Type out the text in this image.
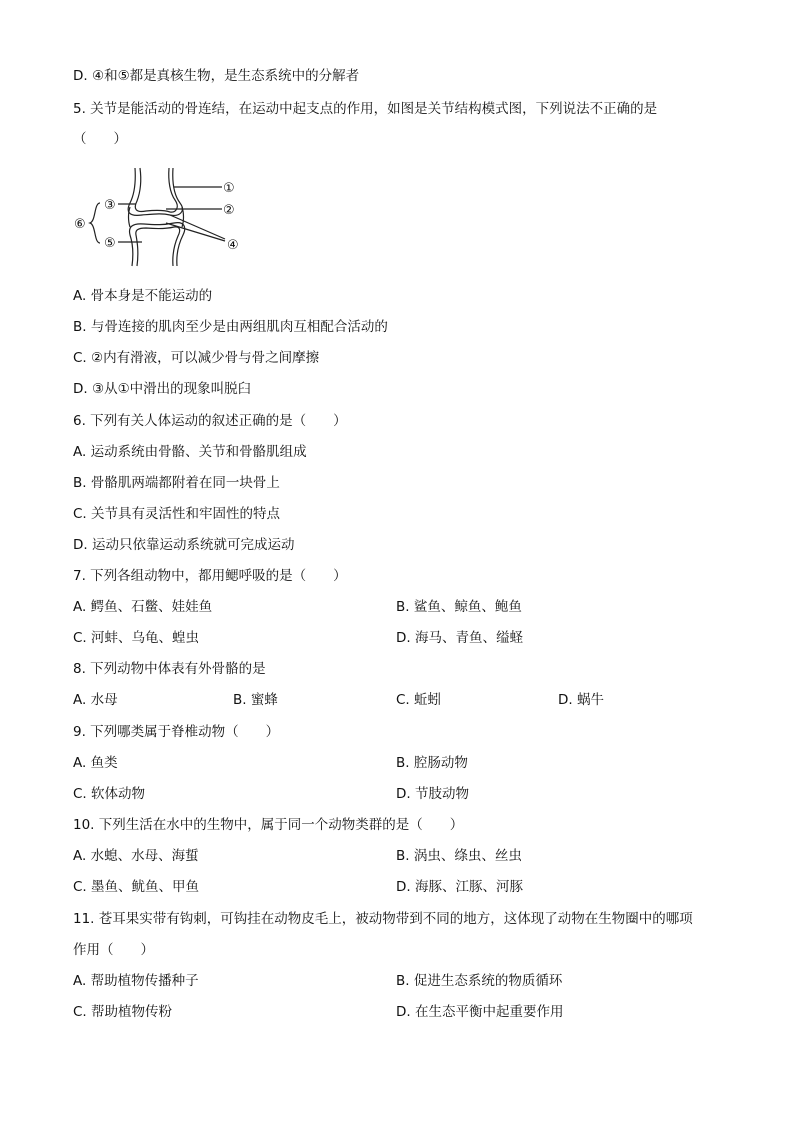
D. ④和⑤都是真核生物，是生态系统中的分解者
5. 关节是能活动的骨连结，在运动中起支点的作用，如图是关节结构模式图，下列说法不正确的是
（　　）
①
②
③
④
⑤
⑥
A. 骨本身是不能运动的
B. 与骨连接的肌肉至少是由两组肌肉互相配合活动的
C. ②内有滑液，可以减少骨与骨之间摩擦
D. ③从①中滑出的现象叫脱臼
6. 下列有关人体运动的叙述正确的是（　　）
A. 运动系统由骨骼、关节和骨骼肌组成
B. 骨骼肌两端都附着在同一块骨上
C. 关节具有灵活性和牢固性的特点
D. 运动只依靠运动系统就可完成运动
7. 下列各组动物中，都用鳃呼吸的是（　　）
A. 鳄鱼、石鳖、娃娃鱼	B. 鲨鱼、鲸鱼、鲍鱼
C. 河蚌、乌龟、蝗虫	D. 海马、青鱼、缢蛏
8. 下列动物中体表有外骨骼的是
A. 水母	B. 蜜蜂	C. 蚯蚓	D. 蜗牛
9. 下列哪类属于脊椎动物（　　）
A. 鱼类	B. 腔肠动物
C. 软体动物	D. 节肢动物
10. 下列生活在水中的生物中，属于同一个动物类群的是（　　）
A. 水螅、水母、海蜇	B. 涡虫、绦虫、丝虫
C. 墨鱼、鱿鱼、甲鱼	D. 海豚、江豚、河豚
11. 苍耳果实带有钩刺，可钩挂在动物皮毛上，被动物带到不同的地方，这体现了动物在生物圈中的哪项
作用（　　）
A. 帮助植物传播种子	B. 促进生态系统的物质循环
C. 帮助植物传粉	D. 在生态平衡中起重要作用
